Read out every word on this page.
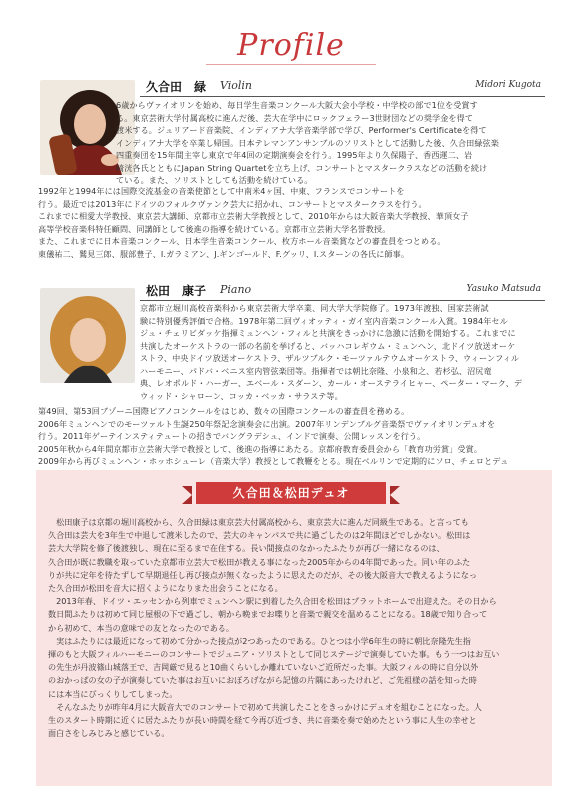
Profile
久合田　緑 Violin	Midori Kugota

6歳からヴァイオリンを始め、毎日学生音楽コンクール大阪大会小学校・中学校の部で1位を受賞す

る。東京芸術大学付属高校に進んだ後、芸大在学中にロックフェラー3世財団などの奨学金を得て

渡米する。ジュリアード音楽院、インディアナ大学音楽学部で学び、Performer's Certificateを得て

インディアナ大学を卒業し帰国。日本テレマンアンサンブルのソリストとして活動した後、久合田緑弦楽

四重奏団を15年間主宰し東京で年4回の定期演奏会を行う。1995年より久保陽子、香西運二、岩

崎洸各氏とともにJapan String Quartetを立ち上げ、コンサートとマスタークラスなどの活動を続け

ている。また、ソリストとしても活動を続けている。

1992年と1994年には国際交流基金の音楽使節として中南米4ヶ国、中東、フランスでコンサートを

行う。最近では2013年にドイツのフォルクヴァンク芸大に招かれ、コンサートとマスタークラスを行う。

これまでに相愛大学教授、東京芸大講師、京都市立芸術大学教授として、2010年からは大阪音楽大学教授、華頂女子

高等学校音楽科特任顧問、同講師として後進の指導を続けている。京都市立芸術大学名誉教授。

また、これまでに日本音楽コンクール、日本学生音楽コンクール、枚方ホール音楽賞などの審査員をつとめる。

東儀祐二、鷲見三郎、服部豊子、I.ガラミアン、J.ギンゴールド、F.グッリ、I.スターンの各氏に師事。

松田　康子 Piano	Yasuko Matsuda

京都市立堀川高校音楽科から東京芸術大学卒業、同大学大学院修了。1973年渡独、国家芸術試

験に特別優秀評価で合格。1978年第二回ヴィオッティ・ガイ室内音楽コンクール入賞。1984年セル

ジュ・チェリビダッケ指揮ミュンヘン・フィルと共演をきっかけに急激に活動を開始する。これまでに

共演したオーケストラの一部の名前を挙げると、バッハコレギウム・ミュンヘン、北ドイツ放送オーケ

ストラ、中央ドイツ放送オーケストラ、ザルツブルク・モーツァルテウムオーケストラ、ウィーンフィル

ハーモニー、パドバ・ベニス室内管弦楽団等。指揮者では朝比奈隆、小泉和之、若杉弘、沼尻竜

典、レオポルド・ハーガー、エベール・スダーン、カール・オーステライヒャー、ペーター・マーク、デ

ウィッド・シャローン、コッカ・ベッカ・サラステ等。

第49回、第53回ブゾーニ国際ピアノコンクールをはじめ、数々の国際コンクールの審査員を務める。

2006年ミュンヘンでのモーツァルト生誕250年祭記念演奏会に出演。2007年リンデンブルグ音楽祭でヴァイオリンデュオを

行う。2011年ゲーテインスティテュートの招きでバングラデシュ、インドで演奏、公開レッスンを行う。

2005年秋から4年間京都市立芸術大学で教授として、後進の指導にあたる。京都府教育委員会から「教育功労賞」受賞。

2009年から再びミュンヘン・ホッホシューレ（音楽大学）教授として教鞭をとる。現在ベルリンで定期的にソロ、チェロとデュ

久合田＆松田デュオ

　松田康子は京都の堀川高校から、久合田緑は東京芸大付属高校から、東京芸大に進んだ同級生である。と言っても

久合田は芸大を3年生で中退して渡米したので、芸大のキャンパスで共に過ごしたのは2年間ほどでしかない。松田は

芸大大学院を修了後渡独し、現在に至るまで在住する。長い間接点のなかったふたりが再び一緒になるのは、

久合田が既に教職を取っていた京都市立芸大で松田が教える事になった2005年からの4年間であった。同い年のふた

りが共に定年を待たずして早期退任し再び接点が無くなったように思えたのだが、その後大阪音大で教えるようになっ

た久合田が松田を音大に招くようになりまた出会うことになる。

　2013年春、ドイツ・エッセンから列車でミュンヘン駅に到着した久合田を松田はプラットホームで出迎えた。その日から

数日間ふたりは初めて同じ屋根の下で過ごし、朝から晩までお喋りと音楽で親交を温めることになる。18歳で知り合って

から初めて、本当の意味での友となったのである。

　実はふたりには最近になって初めて分かった接点が2つあったのである。ひとつは小学6年生の時に朝比奈隆先生指

揮のもと大阪フィルハーモニーのコンサートでジュニア・ソリストとして同じステージで演奏していた事。もう一つはお互い

の先生が丹波篠山城落王で、吉岡厳で見ると10曲くらいしか離れていないご近所だった事。大阪フィルの時に自分以外

のおかっぱの女の子が演奏していた事はお互いにおぼろげながら記憶の片隅にあったけれど、ご先祖様の話を知った時

には本当にびっくりしてしまった。

　そんなふたりが昨年4月に大阪音大でのコンサートで初めて共演したことをきっかけにデュオを組むことになった。人

生のスタート時期に近くに居たふたりが長い時間を経て今再び近づき、共に音楽を奏で始めたという事に人生の幸せと

面白さをしみじみと感じている。
